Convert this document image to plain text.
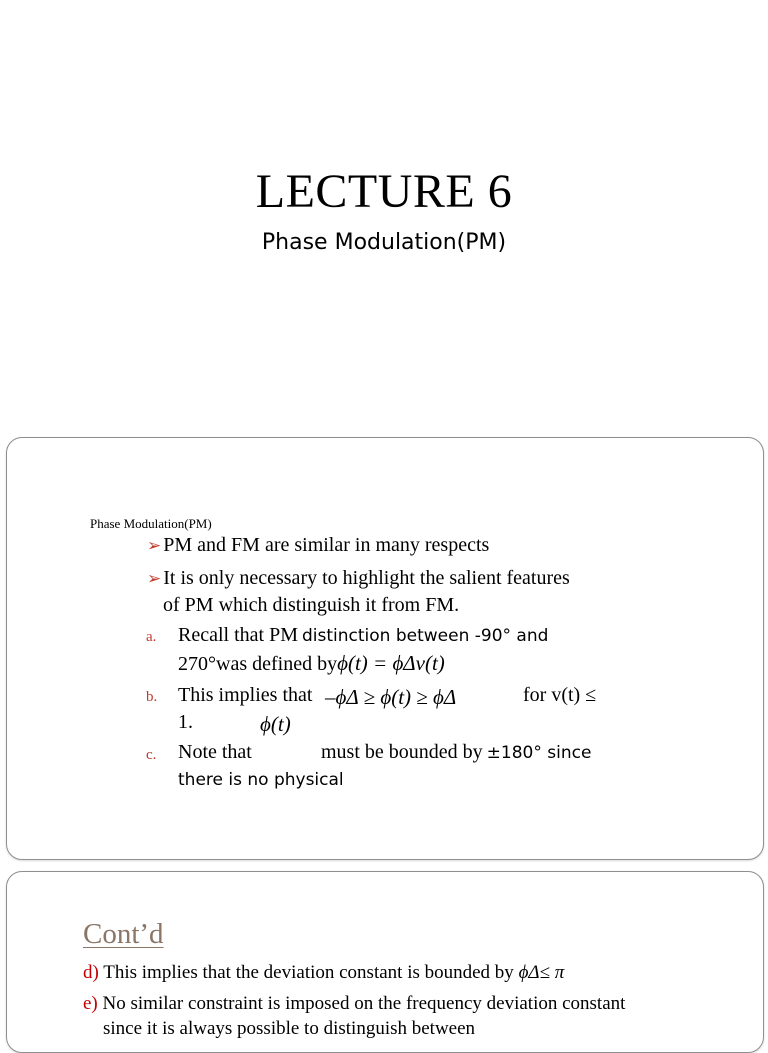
LECTURE 6
Phase Modulation(PM)
Phase Modulation(PM)
➢ PM and FM are similar in many respects
➢ It is only necessary to highlight the salient features
of PM which distinguish it from FM.
a. Recall that PM distinction between -90° and
270°was defined byϕ(t) = ϕΔv(t)
b. This implies that –ϕΔ ≥ ϕ(t) ≥ ϕΔ	for v(t) ≤
1.	ϕ(t)
c. Note that	must be bounded by ±180° since
there is no physical
Cont’d
d) This implies that the deviation constant is bounded by ϕΔ≤ π
e) No similar constraint is imposed on the frequency deviation constant
since it is always possible to distinguish between
